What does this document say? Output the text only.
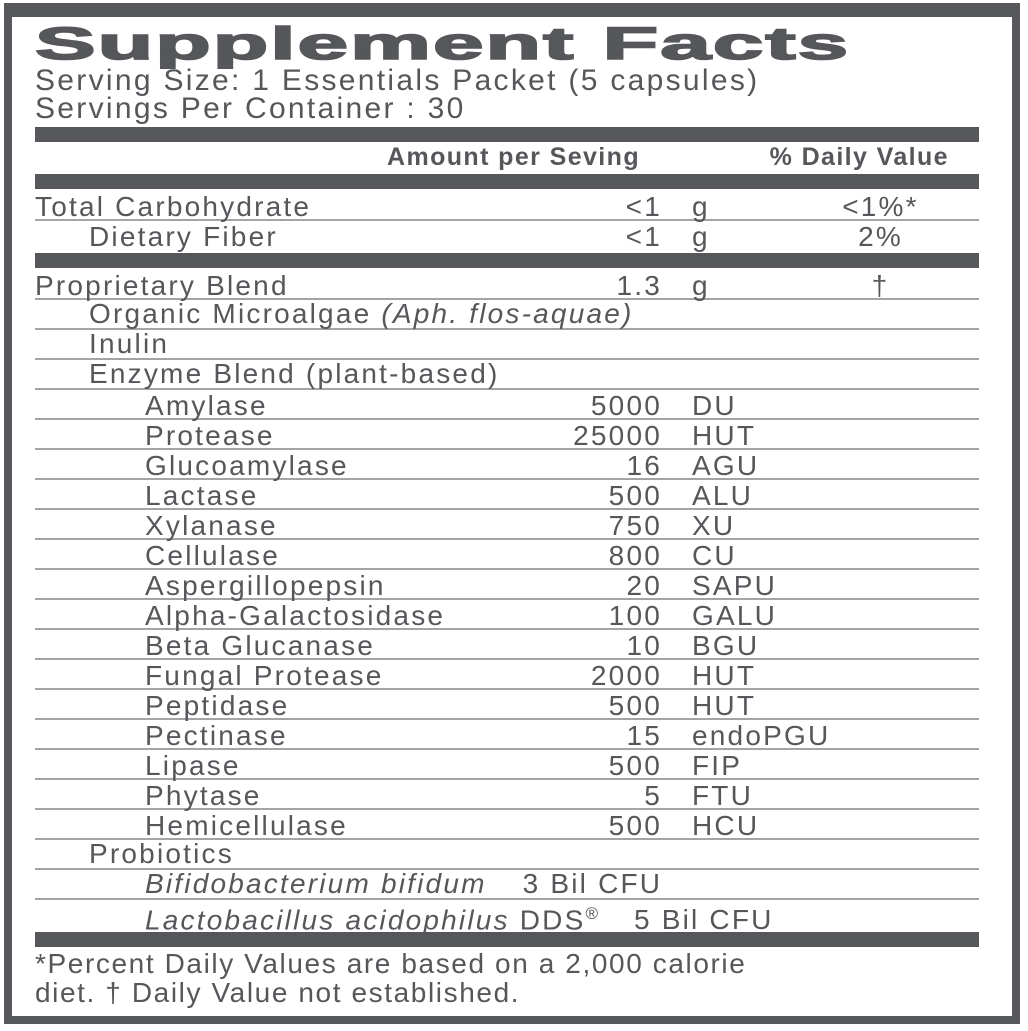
Supplement Facts
Serving Size: 1 Essentials Packet (5 capsules)
Servings Per Container : 30
Amount per Seving	% Daily Value
Total Carbohydrate	<1	g	<1%*
Dietary Fiber	<1	g	2%
Proprietary Blend	1.3	g	†
Organic Microalgae (Aph. flos-aquae)
Inulin
Enzyme Blend (plant-based)
Amylase	5000	DU
Protease	25000	HUT
Glucoamylase	16	AGU
Lactase	500	ALU
Xylanase	750	XU
Cellulase	800	CU
Aspergillopepsin	20	SAPU
Alpha-Galactosidase	100	GALU
Beta Glucanase	10	BGU
Fungal Protease	2000	HUT
Peptidase	500	HUT
Pectinase	15	endoPGU
Lipase	500	FIP
Phytase	5	FTU
Hemicellulase	500	HCU
Probiotics
Bifidobacterium bifidum 3 Bil CFU
Lactobacillus acidophilus DDS® 5 Bil CFU
*Percent Daily Values are based on a 2,000 calorie
diet. † Daily Value not established.
